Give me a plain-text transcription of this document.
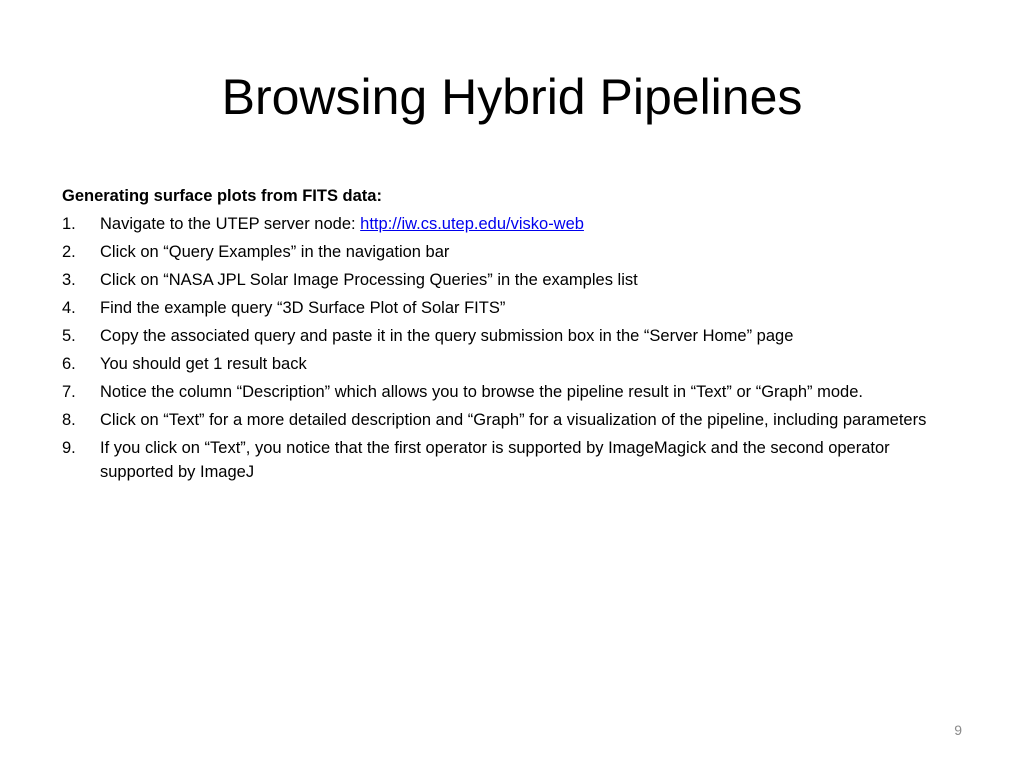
Browsing Hybrid Pipelines
Generating surface plots from FITS data:
1.	Navigate to the UTEP server node: http://iw.cs.utep.edu/visko-web
2.	Click on “Query Examples” in the navigation bar
3.	Click on “NASA JPL Solar Image Processing Queries” in the examples list
4.	Find the example query “3D Surface Plot of Solar FITS”
5.	Copy the associated query and paste it in the query submission box in the “Server Home” page
6.	You should get 1 result back
7.	Notice the column “Description” which allows you to browse the pipeline result in “Text” or “Graph” mode.
8.	Click on “Text” for a more detailed description and “Graph” for a visualization of the pipeline, including parameters
9.	If you click on “Text”, you notice that the first operator is supported by ImageMagick and the second operator supported by ImageJ
9
